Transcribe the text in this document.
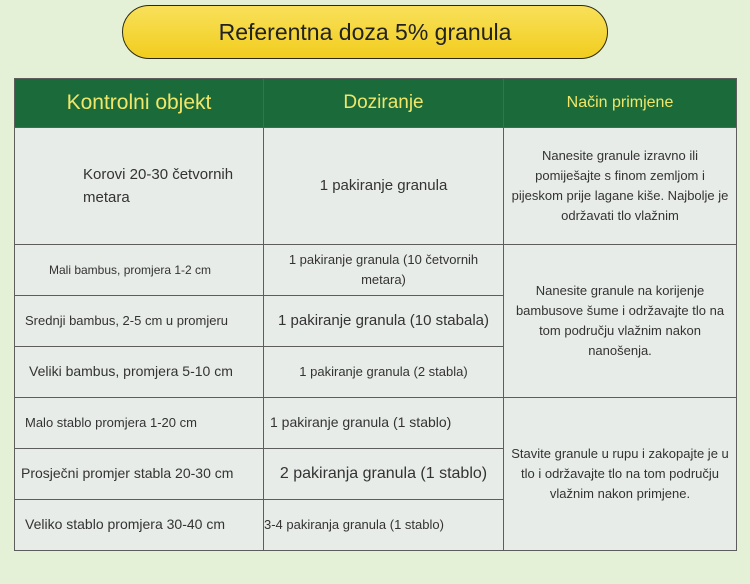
Referentna doza 5% granula
Kontrolni objekt	Doziranje	Način primjene
Korovi 20-30 četvornih metara	1 pakiranje granula	Nanesite granule izravno ili pomiješajte s finom zemljom i pijeskom prije lagane kiše. Najbolje je održavati tlo vlažnim
Mali bambus, promjera 1-2 cm	1 pakiranje granula (10 četvornih metara)	Nanesite granule na korijenje bambusove šume i održavajte tlo na tom području vlažnim nakon nanošenja.
Srednji bambus, 2-5 cm u promjeru	1 pakiranje granula (10 stabala)	
Veliki bambus, promjera 5-10 cm	1 pakiranje granula (2 stabla)	
Malo stablo promjera 1-20 cm	1 pakiranje granula (1 stablo)	Stavite granule u rupu i zakopajte je u tlo i održavajte tlo na tom području vlažnim nakon primjene.
Prosječni promjer stabla 20-30 cm	2 pakiranja granula (1 stablo)	
Veliko stablo promjera 30-40 cm	3-4 pakiranja granula (1 stablo)	
